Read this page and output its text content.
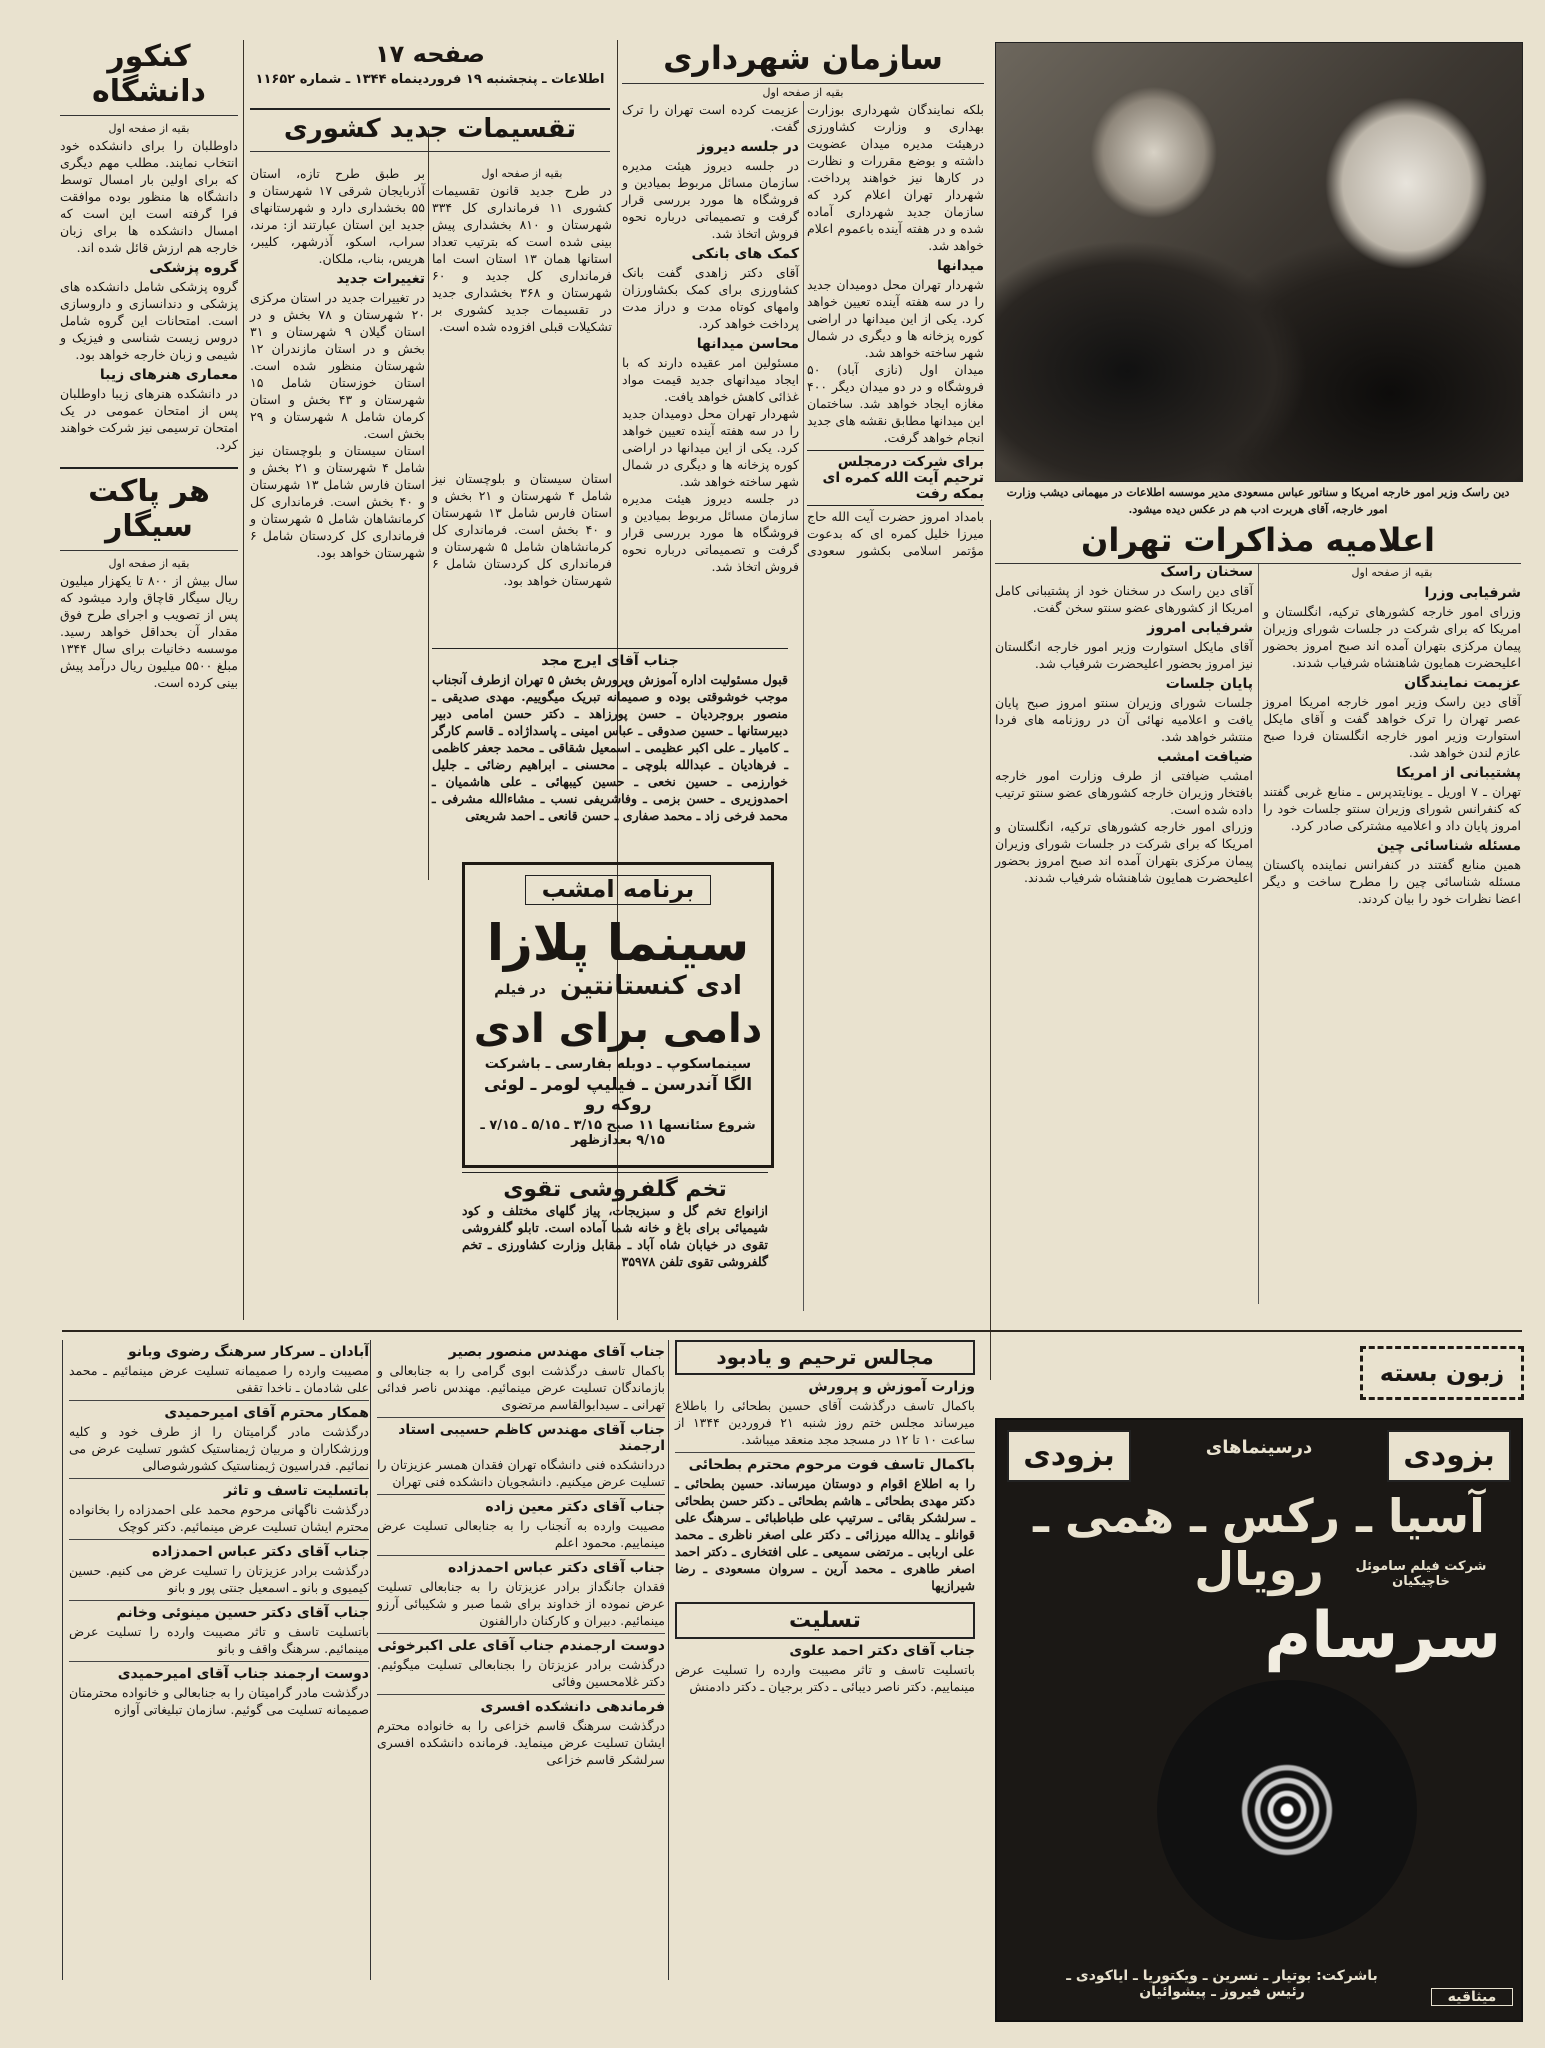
صفحه ۱۷
اطلاعات ـ پنجشنبه ۱۹ فروردینماه ۱۳۴۴ ـ شماره ۱۱۶۵۲
کنکور دانشگاه
بقیه از صفحه اول
داوطلبان را برای دانشکده خود انتخاب نمایند. مطلب مهم دیگری که برای اولین بار امسال توسط دانشگاه ها منظور بوده موافقت فرا گرفته است این است که امسال دانشکده ها برای زبان خارجه هم ارزش قائل شده اند.
گروه پزشکی
گروه پزشکی شامل دانشکده های پزشکی و دندانسازی و داروسازی است. امتحانات این گروه شامل دروس زیست شناسی و فیزیک و شیمی و زبان خارجه خواهد بود.
معماری هنرهای زیبا
در دانشکده هنرهای زیبا داوطلبان پس از امتحان عمومی در یک امتحان ترسیمی نیز شرکت خواهند کرد.
هر پاکت سیگار
بقیه از صفحه اول
سال بیش از ۸۰۰ تا یکهزار میلیون ریال سیگار قاچاق وارد میشود که پس از تصویب و اجرای طرح فوق مقدار آن بحداقل خواهد رسید. موسسه دخانیات برای سال ۱۳۴۴ مبلغ ۵۵۰۰ میلیون ریال درآمد پیش بینی کرده است.
تقسیمات جدید کشوری
بقیه از صفحه اول
در طرح جدید قانون تقسیمات کشوری ۱۱ فرمانداری کل ۳۳۴ شهرستان و ۸۱۰ بخشداری پیش بینی شده است که بترتیب تعداد استانها همان ۱۳ استان است اما فرمانداری کل جدید و ۶۰ شهرستان و ۳۶۸ بخشداری جدید در تقسیمات جدید کشوری بر تشکیلات قبلی افزوده شده است.
بر طبق طرح تازه، استان آذربایجان شرقی ۱۷ شهرستان و ۵۵ بخشداری دارد و شهرستانهای جدید این استان عبارتند از: مرند، سراب، اسکو، آذرشهر، کلیبر، هریس، بناب، ملکان.
تغییرات جدید
در تغییرات جدید در استان مرکزی ۲۰ شهرستان و ۷۸ بخش و در استان گیلان ۹ شهرستان و ۳۱ بخش و در استان مازندران ۱۲ شهرستان منظور شده است. استان خوزستان شامل ۱۵ شهرستان و ۴۳ بخش و استان کرمان شامل ۸ شهرستان و ۲۹ بخش است.
استان سیستان و بلوچستان نیز شامل ۴ شهرستان و ۲۱ بخش و استان فارس شامل ۱۳ شهرستان و ۴۰ بخش است. فرمانداری کل کرمانشاهان شامل ۵ شهرستان و فرمانداری کل کردستان شامل ۶ شهرستان خواهد بود.
استان سیستان و بلوچستان نیز شامل ۴ شهرستان و ۲۱ بخش و استان فارس شامل ۱۳ شهرستان و ۴۰ بخش است. فرمانداری کل کرمانشاهان شامل ۵ شهرستان و فرمانداری کل کردستان شامل ۶ شهرستان خواهد بود.
جناب آقای ایرج مجد
قبول مسئولیت اداره آموزش وپرورش بخش ۵ تهران ازطرف آنجناب موجب خوشوقتی بوده و صمیمانه تبریک میگوییم. مهدی صدیقی ـ منصور بروجردیان ـ حسن پورزاهد ـ دکتر حسن امامی دبیر دبیرستانها ـ حسین صدوقی ـ عباس امینی ـ پاسداژاده ـ قاسم کارگر ـ کامیار ـ علی اکبر عظیمی ـ اسمعیل شقاقی ـ محمد جعفر کاظمی ـ فرهادیان ـ عبدالله بلوچی ـ محسنی ـ ابراهیم رضائی ـ جلیل خوارزمی ـ حسین نخعی ـ حسین کیبهائی ـ علی هاشمیان ـ احمدوزیری ـ حسن بزمی ـ وفاشریفی نسب ـ مشاءالله مشرفی ـ محمد فرخی زاد ـ محمد صفاری ـ حسن قانعی ـ احمد شریعتی
برنامه امشب
سینما پلازا
ادی کنستانتین
در فیلم
دامی برای ادی
سینماسکوپ ـ دوبله بفارسی ـ باشرکت
الگا آندرسن ـ فیلیپ لومر ـ لوئی روکه رو
شروع سئانسها ۱۱ صبح ۳/۱۵ ـ ۵/۱۵ ـ ۷/۱۵ ـ ۹/۱۵ بعدازظهر
تخم گلفروشی تقوی
ازانواع تخم گل و سبزیجات، پیاز گلهای مختلف و کود شیمیائی برای باغ و خانه شما آماده است. تابلو گلفروشی تقوی در خیابان شاه آباد ـ مقابل وزارت کشاورزی ـ تخم گلفروشی تقوی تلفن ۳۵۹۷۸
سازمان شهرداری
بقیه از صفحه اول
بلکه نمایندگان شهرداری بوزارت بهداری و وزارت کشاورزی درهیئت مدیره میدان عضویت داشته و بوضع مقررات و نظارت در کارها نیز خواهند پرداخت. شهردار تهران اعلام کرد که سازمان جدید شهرداری آماده شده و در هفته آینده باعموم اعلام خواهد شد.
میدانها
شهردار تهران محل دومیدان جدید را در سه هفته آینده تعیین خواهد کرد. یکی از این میدانها در اراضی کوره پزخانه ها و دیگری در شمال شهر ساخته خواهد شد.
میدان اول (نازی آباد) ۵۰ فروشگاه و در دو میدان دیگر ۴۰۰ مغازه ایجاد خواهد شد. ساختمان این میدانها مطابق نقشه های جدید انجام خواهد گرفت.
برای شرکت درمجلس ترحیم آیت الله کمره ای بمکه رفت
بامداد امروز حضرت آیت الله حاج میرزا خلیل کمره ای که بدعوت مؤتمر اسلامی بکشور سعودی عزیمت کرده است تهران را ترک گفت.
در جلسه دیروز
در جلسه دیروز هیئت مدیره سازمان مسائل مربوط بمیادین و فروشگاه ها مورد بررسی قرار گرفت و تصمیماتی درباره نحوه فروش اتخاذ شد.
کمک های بانکی
آقای دکتر زاهدی گفت بانک کشاورزی برای کمک بکشاورزان وامهای کوتاه مدت و دراز مدت پرداخت خواهد کرد.
محاسن میدانها
مسئولین امر عقیده دارند که با ایجاد میدانهای جدید قیمت مواد غذائی کاهش خواهد یافت.
شهردار تهران محل دومیدان جدید را در سه هفته آینده تعیین خواهد کرد. یکی از این میدانها در اراضی کوره پزخانه ها و دیگری در شمال شهر ساخته خواهد شد.
در جلسه دیروز هیئت مدیره سازمان مسائل مربوط بمیادین و فروشگاه ها مورد بررسی قرار گرفت و تصمیماتی درباره نحوه فروش اتخاذ شد.
دین راسک وزیر امور خارجه امریکا و سناتور عباس مسعودی مدیر موسسه اطلاعات در میهمانی دیشب وزارت امور خارجه، آقای هربرت ادب هم در عکس دیده میشود.
اعلامیه مذاکرات تهران
بقیه از صفحه اول
شرفیابی وزرا
وزرای امور خارجه کشورهای ترکیه، انگلستان و امریکا که برای شرکت در جلسات شورای وزیران پیمان مرکزی بتهران آمده اند صبح امروز بحضور اعلیحضرت همایون شاهنشاه شرفیاب شدند.
عزیمت نمایندگان
آقای دین راسک وزیر امور خارجه امریکا امروز عصر تهران را ترک خواهد گفت و آقای مایکل استوارت وزیر امور خارجه انگلستان فردا صبح عازم لندن خواهد شد.
پشتیبانی از امریکا
تهران ـ ۷ اوریل ـ یونایتدپرس ـ منابع غربی گفتند که کنفرانس شورای وزیران سنتو جلسات خود را امروز پایان داد و اعلامیه مشترکی صادر کرد.
مسئله شناسائی چین
همین منابع گفتند در کنفرانس نماینده پاکستان مسئله شناسائی چین را مطرح ساخت و دیگر اعضا نظرات خود را بیان کردند.
سخنان راسک
آقای دین راسک در سخنان خود از پشتیبانی کامل امریکا از کشورهای عضو سنتو سخن گفت.
شرفیابی امروز
آقای مایکل استوارت وزیر امور خارجه انگلستان نیز امروز بحضور اعلیحضرت شرفیاب شد.
پایان جلسات
جلسات شورای وزیران سنتو امروز صبح پایان یافت و اعلامیه نهائی آن در روزنامه های فردا منتشر خواهد شد.
ضیافت امشب
امشب ضیافتی از طرف وزارت امور خارجه بافتخار وزیران خارجه کشورهای عضو سنتو ترتیب داده شده است.
وزرای امور خارجه کشورهای ترکیه، انگلستان و امریکا که برای شرکت در جلسات شورای وزیران پیمان مرکزی بتهران آمده اند صبح امروز بحضور اعلیحضرت همایون شاهنشاه شرفیاب شدند.
آبادان ـ سرکار سرهنگ رضوی وبانو
مصیبت وارده را صمیمانه تسلیت عرض مینمائیم ـ محمد علی شادمان ـ ناخدا تقفی
همکار محترم آقای امیرحمیدی
درگذشت مادر گرامیتان را از طرف خود و کلیه ورزشکاران و مربیان ژیمناستیک کشور تسلیت عرض می نمائیم. فدراسیون ژیمناستیک کشورشوصالی
باتسلیت تاسف و تاثر
درگذشت ناگهانی مرحوم محمد علی احمدزاده را بخانواده محترم ایشان تسلیت عرض مینمائیم. دکتر کوچک
جناب آقای دکتر عباس احمدزاده
درگذشت برادر عزیزتان را تسلیت عرض می کنیم. حسین کیمیوی و بانو ـ اسمعیل جنتی پور و بانو
جناب آقای دکتر حسین مینوئی وخانم
باتسلیت تاسف و تاثر مصیبت وارده را تسلیت عرض مینمائیم. سرهنگ واقف و بانو
دوست ارجمند جناب آقای امیرحمیدی
درگذشت مادر گرامیتان را به جنابعالی و خانواده محترمتان صمیمانه تسلیت می گوئیم. سازمان تبلیغاتی آوازه
جناب آقای مهندس منصور بصیر
باکمال تاسف درگذشت ابوی گرامی را به جنابعالی و بازماندگان تسلیت عرض مینمائیم. مهندس ناصر فدائی تهرانی ـ سیدابوالقاسم مرتضوی
جناب آقای مهندس کاظم حسیبی استاد ارجمند
دردانشکده فنی دانشگاه تهران فقدان همسر عزیزتان را تسلیت عرض میکنیم. دانشجویان دانشکده فنی تهران
جناب آقای دکتر معین زاده
مصیبت وارده به آنجناب را به جنابعالی تسلیت عرض مینماییم. محمود اعلم
جناب آقای دکتر عباس احمدزاده
فقدان جانگداز برادر عزیزتان را به جنابعالی تسلیت عرض نموده از خداوند برای شما صبر و شکیبائی آرزو مینمائیم. دبیران و کارکنان دارالفنون
دوست ارجمندم جناب آقای علی اکبرخوئی
درگذشت برادر عزیزتان را بجنابعالی تسلیت میگوئیم. دکتر غلامحسین وفائی
فرماندهی دانشکده افسری
درگذشت سرهنگ قاسم خزاعی را به خانواده محترم ایشان تسلیت عرض مینماید. فرمانده دانشکده افسری سرلشکر قاسم خزاعی
مجالس ترحیم و یادبود
وزارت آموزش و پرورش
باکمال تاسف درگذشت آقای حسین بطحائی را باطلاع میرساند مجلس ختم روز شنبه ۲۱ فروردین ۱۳۴۴ از ساعت ۱۰ تا ۱۲ در مسجد مجد منعقد میباشد.
باکمال تاسف فوت مرحوم محترم بطحائی
را به اطلاع اقوام و دوستان میرساند. حسین بطحائی ـ دکتر مهدی بطحائی ـ هاشم بطحائی ـ دکتر حسن بطحائی ـ سرلشکر بقائی ـ سرتیپ علی طباطبائی ـ سرهنگ علی قوانلو ـ یدالله میرزائی ـ دکتر علی اصغر ناظری ـ محمد علی اربابی ـ مرتضی سمیعی ـ علی افتخاری ـ دکتر احمد اصغر طاهری ـ محمد آرین ـ سروان مسعودی ـ رضا شیرازیها
تسلیت
جناب آقای دکتر احمد علوی
باتسلیت تاسف و تاثر مصیبت وارده را تسلیت عرض مینماییم. دکتر ناصر دیبائی ـ دکتر برجیان ـ دکتر دادمنش
زبون بسته
بزودی
بزودی	درسینماهای
آسیا ـ رکس ـ همی ـ رویال	شرکت فیلم ساموئل خاچیکیان
سرسام
باشرکت: بوتیار ـ نسرین ـ ویکتوریا ـ ایاکودی ـ رئیس فیروز ـ پیشوائیان	میثاقیه
